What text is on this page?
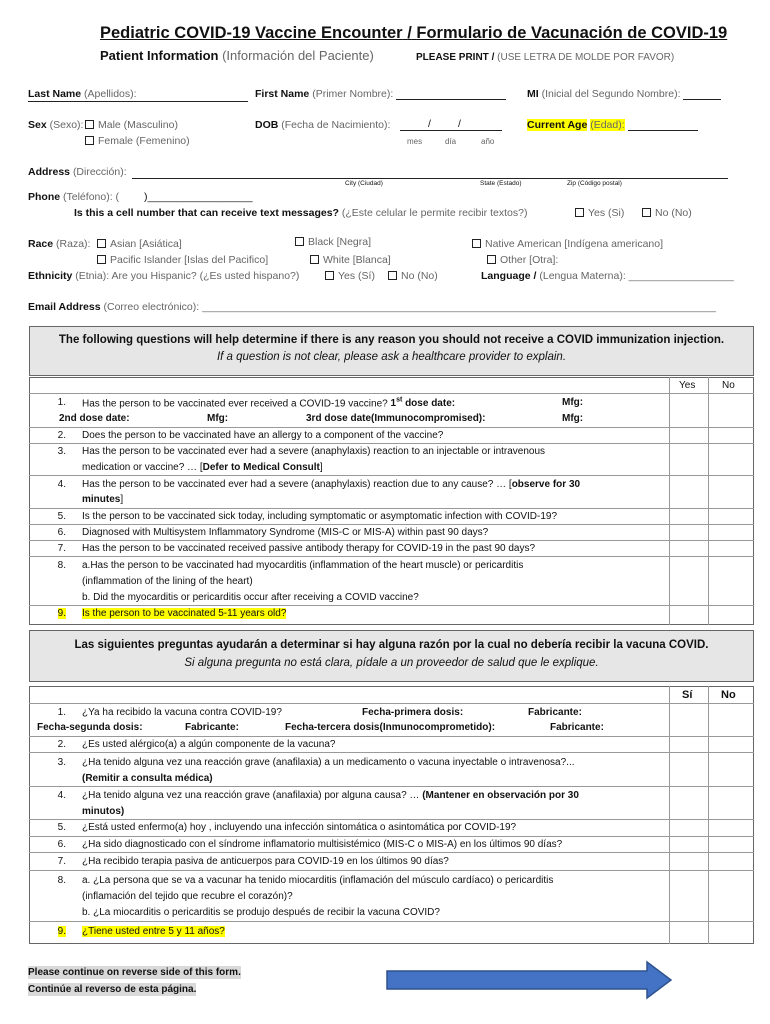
Pediatric COVID-19 Vaccine Encounter / Formulario de Vacunación de COVID-19
Patient Information (Información del Paciente)	PLEASE PRINT / (USE LETRA DE MOLDE POR FAVOR)
Last Name (Apellidos):	First Name (Primer Nombre):	MI (Inicial del Segundo Nombre):
Sex (Sexo):	Male (Masculino)
Female (Femenino)
DOB (Fecha de Nacimiento):	/	/
mes	día	año
Current Age (Edad):
Address (Dirección):
City (Ciudad)	State (Estado)	Zip (Código postal)
Phone (Teléfono): ( )__________________
Is this a cell number that can receive text messages? (¿Este celular le permite recibir textos?)	Yes (Si)	No (No)
Race (Raza):	Asian [Asiática]	Black [Negra]	Native American [Indígena americano]
Pacific Islander [Islas del Pacifico]	White [Blanca]	Other [Otra]:
Ethnicity (Etnia): Are you Hispanic? (¿Es usted hispano?)	Yes (Sí)	No (No)	Language / (Lengua Materna): __________________
Email Address (Correo electrónico): ________________________________________________________________________________________
The following questions will help determine if there is any reason you should not receive a COVID immunization injection.
If a question is not clear, please ask a healthcare provider to explain.
Yes	No
1. Has the person to be vaccinated ever received a COVID-19 vaccine? 1st dose date:	Mfg:
2nd dose date:	Mfg:	3rd dose date(Immunocompromised):	Mfg:
2. Does the person to be vaccinated have an allergy to a component of the vaccine?
3. Has the person to be vaccinated ever had a severe (anaphylaxis) reaction to an injectable or intravenous
medication or vaccine? … [Defer to Medical Consult]
4. Has the person to be vaccinated ever had a severe (anaphylaxis) reaction due to any cause? … [observe for 30
minutes]
5. Is the person to be vaccinated sick today, including symptomatic or asymptomatic infection with COVID-19?
6. Diagnosed with Multisystem Inflammatory Syndrome (MIS-C or MIS-A) within past 90 days?
7. Has the person to be vaccinated received passive antibody therapy for COVID-19 in the past 90 days?
8. a.Has the person to be vaccinated had myocarditis (inflammation of the heart muscle) or pericarditis
(inflammation of the lining of the heart)
b. Did the myocarditis or pericarditis occur after receiving a COVID vaccine?
9. Is the person to be vaccinated 5-11 years old?
Las siguientes preguntas ayudarán a determinar si hay alguna razón por la cual no debería recibir la vacuna COVID.
Si alguna pregunta no está clara, pídale a un proveedor de salud que le explique.
Sí	No
1. ¿Ya ha recibido la vacuna contra COVID-19?	Fecha-primera dosis:	Fabricante:
Fecha-segunda dosis:	Fabricante:	Fecha-tercera dosis(Inmunocomprometido):	Fabricante:
2. ¿Es usted alérgico(a) a algún componente de la vacuna?
3. ¿Ha tenido alguna vez una reacción grave (anafilaxia) a un medicamento o vacuna inyectable o intravenosa?...
(Remitir a consulta médica)
4. ¿Ha tenido alguna vez una reacción grave (anafilaxia) por alguna causa? … (Mantener en observación por 30
minutos)
5. ¿Está usted enfermo(a) hoy , incluyendo una infección sintomática o asintomática por COVID-19?
6. ¿Ha sido diagnosticado con el síndrome inflamatorio multisistémico (MIS-C o MIS-A) en los últimos 90 días?
7. ¿Ha recibido terapia pasiva de anticuerpos para COVID-19 en los últimos 90 días?
8. a. ¿La persona que se va a vacunar ha tenido miocarditis (inflamación del músculo cardíaco) o pericarditis
(inflamación del tejido que recubre el corazón)?
b. ¿La miocarditis o pericarditis se produjo después de recibir la vacuna COVID?
9. ¿Tiene usted entre 5 y 11 años?
Please continue on reverse side of this form.
Continúe al reverso de esta página.
